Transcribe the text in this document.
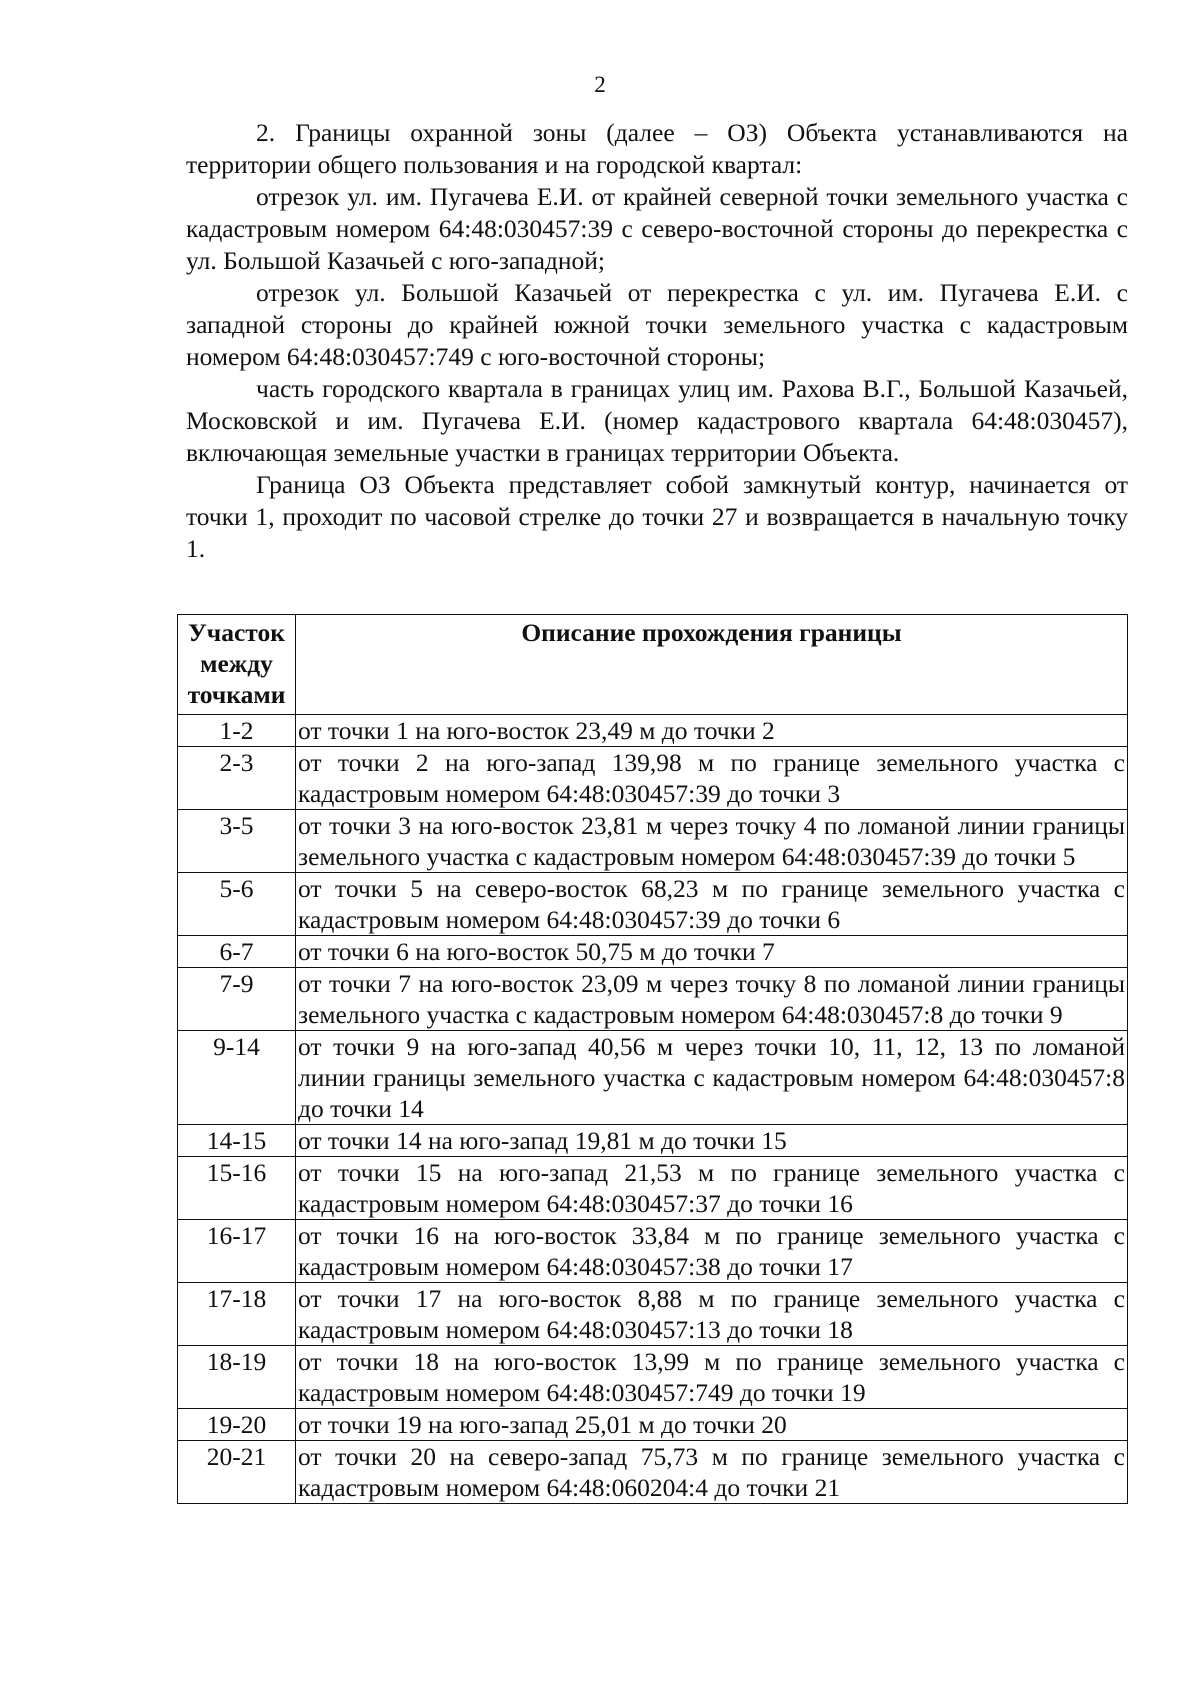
2

2. Границы охранной зоны (далее – ОЗ) Объекта устанавливаются на территории общего пользования и на городской квартал:

отрезок ул. им. Пугачева Е.И. от крайней северной точки земельного участка с кадастровым номером 64:48:030457:39 с северо-восточной стороны до перекрестка с ул. Большой Казачьей с юго-западной;

отрезок ул. Большой Казачьей от перекрестка с ул. им. Пугачева Е.И. с западной стороны до крайней южной точки земельного участка с кадастровым номером 64:48:030457:749 с юго-восточной стороны;

часть городского квартала в границах улиц им. Рахова В.Г., Большой Казачьей, Московской и им. Пугачева Е.И. (номер кадастрового квартала 64:48:030457), включающая земельные участки в границах территории Объекта.

Граница ОЗ Объекта представляет собой замкнутый контур, начинается от точки 1, проходит по часовой стрелке до точки 27 и возвращается в начальную точку 1.

Участок между точками	Описание прохождения границы
1-2	от точки 1 на юго-восток 23,49 м до точки 2
2-3	от точки 2 на юго-запад 139,98 м по границе земельного участка с кадастровым номером 64:48:030457:39 до точки 3
3-5	от точки 3 на юго-восток 23,81 м через точку 4 по ломаной линии границы земельного участка с кадастровым номером 64:48:030457:39 до точки 5
5-6	от точки 5 на северо-восток 68,23 м по границе земельного участка с кадастровым номером 64:48:030457:39 до точки 6
6-7	от точки 6 на юго-восток 50,75 м до точки 7
7-9	от точки 7 на юго-восток 23,09 м через точку 8 по ломаной линии границы земельного участка с кадастровым номером 64:48:030457:8 до точки 9
9-14	от точки 9 на юго-запад 40,56 м через точки 10, 11, 12, 13 по ломаной линии границы земельного участка с кадастровым номером 64:48:030457:8 до точки 14
14-15	от точки 14 на юго-запад 19,81 м до точки 15
15-16	от точки 15 на юго-запад 21,53 м по границе земельного участка с кадастровым номером 64:48:030457:37 до точки 16
16-17	от точки 16 на юго-восток 33,84 м по границе земельного участка с кадастровым номером 64:48:030457:38 до точки 17
17-18	от точки 17 на юго-восток 8,88 м по границе земельного участка с кадастровым номером 64:48:030457:13 до точки 18
18-19	от точки 18 на юго-восток 13,99 м по границе земельного участка с кадастровым номером 64:48:030457:749 до точки 19
19-20	от точки 19 на юго-запад 25,01 м до точки 20
20-21	от точки 20 на северо-запад 75,73 м по границе земельного участка с кадастровым номером 64:48:060204:4 до точки 21
